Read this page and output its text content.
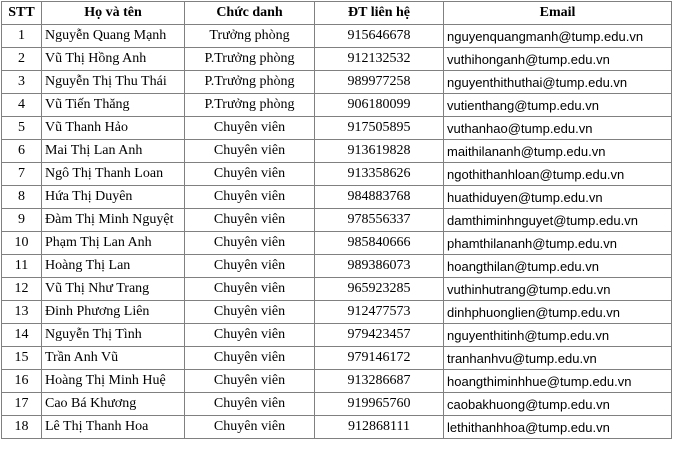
STT	Họ và tên	Chức danh	ĐT liên hệ	Email
1	Nguyễn Quang Mạnh	Trưởng phòng	915646678	nguyenquangmanh@tump.edu.vn
2	Vũ Thị Hồng Anh	P.Trưởng phòng	912132532	vuthihonganh@tump.edu.vn
3	Nguyễn Thị Thu Thái	P.Trưởng phòng	989977258	nguyenthithuthai@tump.edu.vn
4	Vũ Tiến Thăng	P.Trưởng phòng	906180099	vutienthang@tump.edu.vn
5	Vũ Thanh Hảo	Chuyên viên	917505895	vuthanhao@tump.edu.vn
6	Mai Thị Lan Anh	Chuyên viên	913619828	maithilananh@tump.edu.vn
7	Ngô Thị Thanh Loan	Chuyên viên	913358626	ngothithanhloan@tump.edu.vn
8	Hứa Thị Duyên	Chuyên viên	984883768	huathiduyen@tump.edu.vn
9	Đàm Thị Minh Nguyệt	Chuyên viên	978556337	damthiminhnguyet@tump.edu.vn
10	Phạm Thị Lan Anh	Chuyên viên	985840666	phamthilananh@tump.edu.vn
11	Hoàng Thị Lan	Chuyên viên	989386073	hoangthilan@tump.edu.vn
12	Vũ Thị Như Trang	Chuyên viên	965923285	vuthinhutrang@tump.edu.vn
13	Đinh Phương Liên	Chuyên viên	912477573	dinhphuonglien@tump.edu.vn
14	Nguyễn Thị Tình	Chuyên viên	979423457	nguyenthitinh@tump.edu.vn
15	Trần Anh Vũ	Chuyên viên	979146172	tranhanhvu@tump.edu.vn
16	Hoàng Thị Minh Huệ	Chuyên viên	913286687	hoangthiminhhue@tump.edu.vn
17	Cao Bá Khương	Chuyên viên	919965760	caobakhuong@tump.edu.vn
18	Lê Thị Thanh Hoa	Chuyên viên	912868111	lethithanhhoa@tump.edu.vn
